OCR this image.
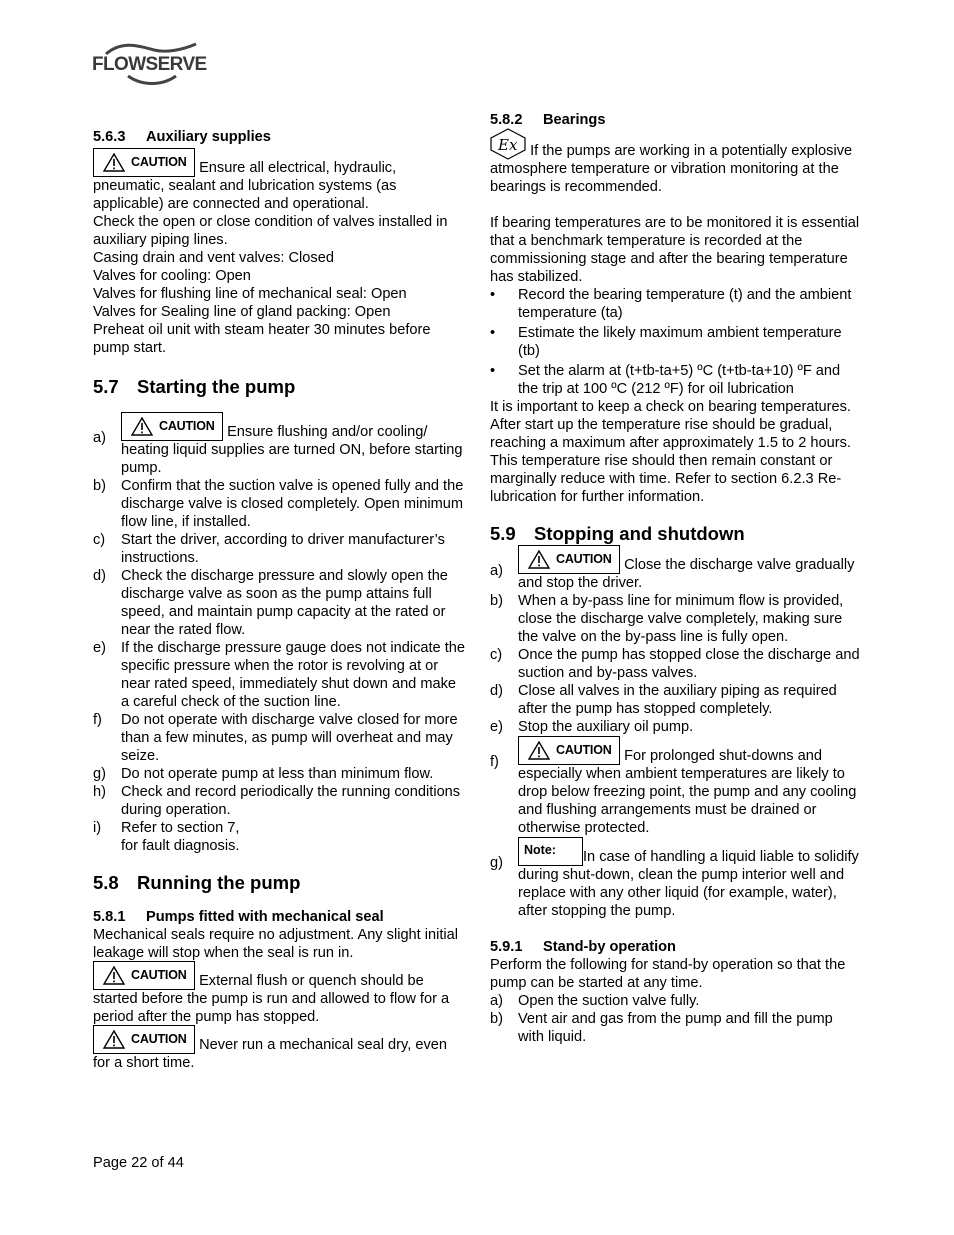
FLOWSERVE
5.6.3 Auxiliary supplies

CAUTION Ensure all electrical, hydraulic, pneumatic, sealant and lubrication systems (as applicable) are connected and operational.

Check the open or close condition of valves installed in auxiliary piping lines.

Casing drain and vent valves: Closed

Valves for cooling: Open

Valves for flushing line of mechanical seal: Open

Valves for Sealing line of gland packing: Open

Preheat oil unit with steam heater 30 minutes before pump start.

5.7 Starting the pump
a)
CAUTION Ensure flushing and/or cooling/ heating liquid supplies are turned ON, before starting pump.
b) Confirm that the suction valve is opened fully and the discharge valve is closed completely. Open minimum flow line, if installed.
c) Start the driver, according to driver manufacturer’s instructions.
d) Check the discharge pressure and slowly open the discharge valve as soon as the pump attains full speed, and maintain pump capacity at the rated or near the rated flow.
e) If the discharge pressure gauge does not indicate the specific pressure when the rotor is revolving at or near rated speed, immediately shut down and make a careful check of the suction line.
f) Do not operate with discharge valve closed for more than a few minutes, as pump will overheat and may seize.
g) Do not operate pump at less than minimum flow.
h) Check and record periodically the running conditions during operation.
i) Refer to section 7,
for fault diagnosis.
5.8 Running the pump
5.8.1 Pumps fitted with mechanical seal

Mechanical seals require no adjustment. Any slight initial leakage will stop when the seal is run in.

CAUTION External flush or quench should be started before the pump is run and allowed to flow for a period after the pump has stopped.

CAUTION Never run a mechanical seal dry, even for a short time.

5.8.2 Bearings

Ex If the pumps are working in a potentially explosive atmosphere temperature or vibration monitoring at the bearings is recommended.

If bearing temperatures are to be monitored it is essential that a benchmark temperature is recorded at the commissioning stage and after the bearing temperature has stabilized.

• Record the bearing temperature (t) and the ambient temperature (ta)
• Estimate the likely maximum ambient temperature (tb)
• Set the alarm at (t+tb-ta+5) ºC (t+tb-ta+10) ºF and the trip at 100 ºC (212 ºF) for oil lubrication

It is important to keep a check on bearing temperatures. After start up the temperature rise should be gradual, reaching a maximum after approximately 1.5 to 2 hours.

This temperature rise should then remain constant or marginally reduce with time. Refer to section 6.2.3 Re-lubrication for further information.

5.9 Stopping and shutdown
a)
CAUTION Close the discharge valve gradually and stop the driver.
b) When a by-pass line for minimum flow is provided, close the discharge valve completely, making sure the valve on the by-pass line is fully open.
c) Once the pump has stopped close the discharge and suction and by-pass valves.
d) Close all valves in the auxiliary piping as required after the pump has stopped completely.
e) Stop the auxiliary oil pump.
f)
CAUTION For prolonged shut-downs and especially when ambient temperatures are likely to drop below freezing point, the pump and any cooling and flushing arrangements must be drained or otherwise protected.
g)
Note: In case of handling a liquid liable to solidify during shut-down, clean the pump interior well and replace with any other liquid (for example, water), after stopping the pump.
5.9.1 Stand-by operation

Perform the following for stand-by operation so that the pump can be started at any time.

a) Open the suction valve fully.
b) Vent air and gas from the pump and fill the pump with liquid.
Page 22 of 44
